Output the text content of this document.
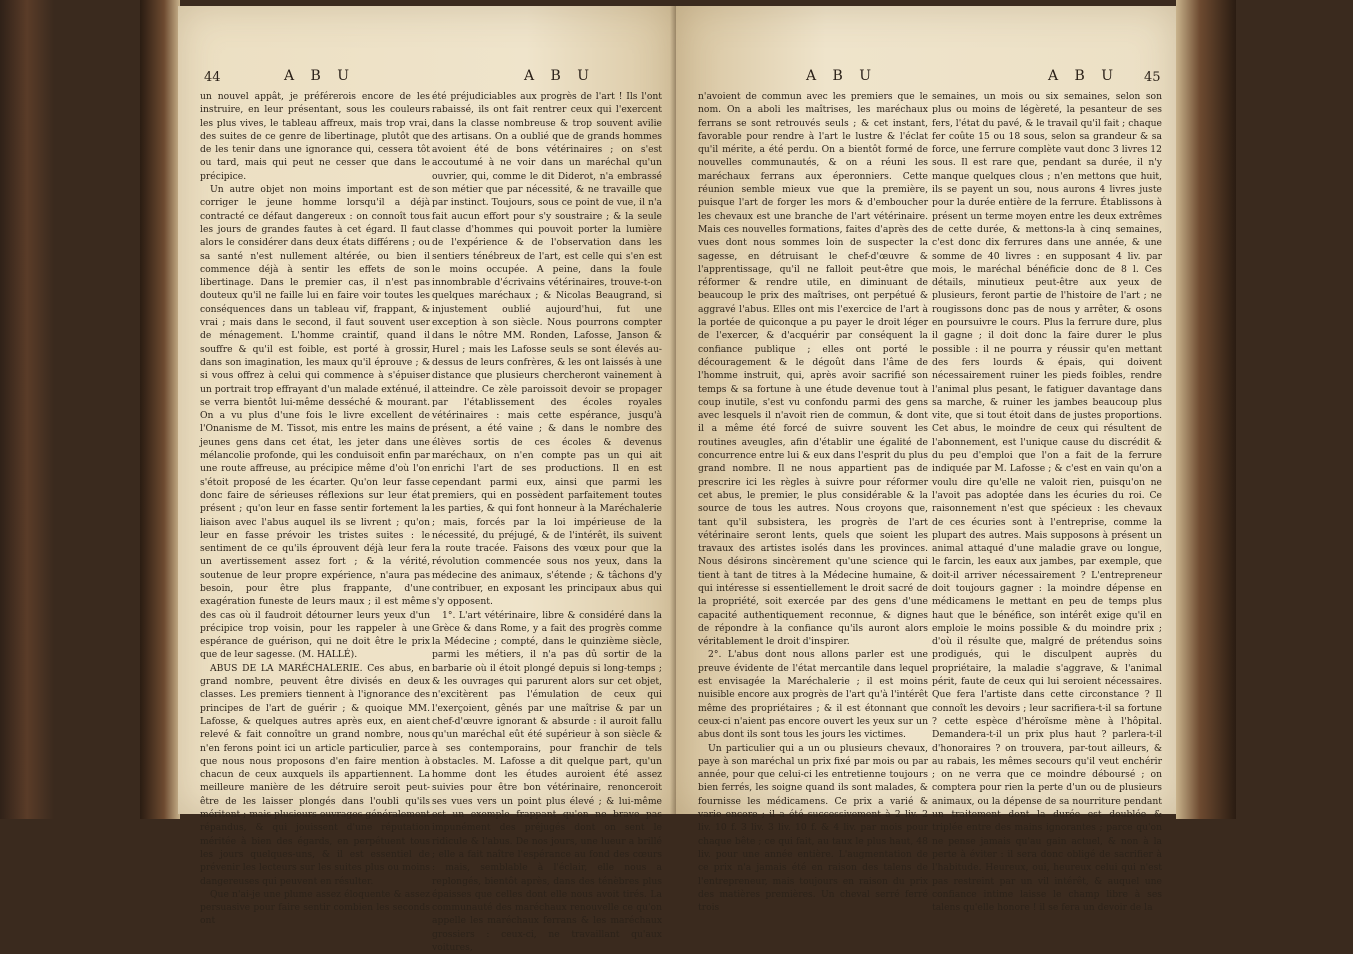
44	A B U	A B U

un nouvel appât, je préférerois encore de les instruire, en leur présentant, sous les couleurs les plus vives, le tableau affreux, mais trop vrai, des suites de ce genre de libertinage, plutôt que de les tenir dans une ignorance qui, cessera tôt ou tard, mais qui peut ne cesser que dans le précipice.

Un autre objet non moins important est de corriger le jeune homme lorsqu'il a déjà contracté ce défaut dangereux : on connoît tous les jours de grandes fautes à cet égard. Il faut alors le considérer dans deux états différens ; ou sa santé n'est nullement altérée, ou bien il commence déjà à sentir les effets de son libertinage. Dans le premier cas, il n'est pas douteux qu'il ne faille lui en faire voir toutes les conséquences dans un tableau vif, frappant, & vrai ; mais dans le second, il faut souvent user de ménagement. L'homme craintif, quand il souffre & qu'il est foible, est porté à grossir, dans son imagination, les maux qu'il éprouve ; & si vous offrez à celui qui commence à s'épuiser un portrait trop effrayant d'un malade exténué, il se verra bientôt lui-même desséché & mourant. On a vu plus d'une fois le livre excellent de l'Onanisme de M. Tissot, mis entre les mains de jeunes gens dans cet état, les jeter dans une mélancolie profonde, qui les conduisoit enfin par une route affreuse, au précipice même d'où l'on s'étoit proposé de les écarter. Qu'on leur fasse donc faire de sérieuses réflexions sur leur état présent ; qu'on leur en fasse sentir fortement la liaison avec l'abus auquel ils se livrent ; qu'on leur en fasse prévoir les tristes suites : le sentiment de ce qu'ils éprouvent déjà leur fera un avertissement assez fort ; & la vérité, soutenue de leur propre expérience, n'aura pas besoin, pour être plus frappante, d'une exagération funeste de leurs maux ; il est même des cas où il faudroit détourner leurs yeux d'un précipice trop voisin, pour les rappeler à une espérance de guérison, qui ne doit être le prix que de leur sagesse. (M. HALLÉ).

ABUS DE LA MARÉCHALERIE. Ces abus, en grand nombre, peuvent être divisés en deux classes. Les premiers tiennent à l'ignorance des principes de l'art de guérir ; & quoique MM. Lafosse, & quelques autres après eux, en aient relevé & fait connoître un grand nombre, nous n'en ferons point ici un article particulier, parce que nous nous proposons d'en faire mention à chacun de ceux auxquels ils appartiennent. La meilleure manière de les détruire seroit peut-être de les laisser plongés dans l'oubli qu'ils méritent ; mais plusieurs ouvrages généralement répandus, & qui jouissent d'une réputation méritée à bien des égards, en perpétuent tous les jours quelques-uns, & il est essentiel de prévenir les lecteurs sur les suites plus ou moins dangereuses qui peuvent en résulter.

Que n'ai-je une plume assez éloquente & assez persuasive pour faire sentir combien les seconds ont

été préjudiciables aux progrès de l'art ! Ils l'ont rabaissé, ils ont fait rentrer ceux qui l'exercent dans la classe nombreuse & trop souvent avilie des artisans. On a oublié que de grands hommes avoient été de bons vétérinaires ; on s'est accoutumé à ne voir dans un maréchal qu'un ouvrier, qui, comme le dit Diderot, n'a embrassé son métier que par nécessité, & ne travaille que par instinct. Toujours, sous ce point de vue, il n'a fait aucun effort pour s'y soustraire ; & la seule classe d'hommes qui pouvoit porter la lumière de l'expérience & de l'observation dans les sentiers ténébreux de l'art, est celle qui s'en est le moins occupée. A peine, dans la foule innombrable d'écrivains vétérinaires, trouve-t-on quelques maréchaux ; & Nicolas Beaugrand, si injustement oublié aujourd'hui, fut une exception à son siècle. Nous pourrons compter dans le nôtre MM. Ronden, Lafosse, Janson & Hurel ; mais les Lafosse seuls se sont élevés au-dessus de leurs confrères, & les ont laissés à une distance que plusieurs chercheront vainement à atteindre. Ce zèle paroissoit devoir se propager par l'établissement des écoles royales vétérinaires : mais cette espérance, jusqu'à présent, a été vaine ; & dans le nombre des élèves sortis de ces écoles & devenus maréchaux, on n'en compte pas un qui ait enrichi l'art de ses productions. Il en est cependant parmi eux, ainsi que parmi les premiers, qui en possèdent parfaitement toutes les parties, & qui font honneur à la Maréchalerie ; mais, forcés par la loi impérieuse de la nécessité, du préjugé, & de l'intérêt, ils suivent la route tracée. Faisons des vœux pour que la révolution commencée sous nos yeux, dans la médecine des animaux, s'étende ; & tâchons d'y contribuer, en exposant les principaux abus qui s'y opposent.

1°. L'art vétérinaire, libre & considéré dans la Grèce & dans Rome, y a fait des progrès comme la Médecine ; compté, dans le quinzième siècle, parmi les métiers, il n'a pas dû sortir de la barbarie où il étoit plongé depuis si long-temps ; & les ouvrages qui parurent alors sur cet objet, n'excitèrent pas l'émulation de ceux qui l'exerçoient, gênés par une maîtrise & par un chef-d'œuvre ignorant & absurde : il auroit fallu qu'un maréchal eût été supérieur à son siècle & à ses contemporains, pour franchir de tels obstacles. M. Lafosse a dit quelque part, qu'un homme dont les études auroient été assez suivies pour être bon vétérinaire, renonceroit ses vues vers un point plus élevé ; & lui-même est un exemple frappant qu'on ne brave pas impunément des préjugés dont on sent le ridicule & l'abus. De nos jours, une lueur a brillé ; elle a fait naître l'espérance au fond des cœurs : mais, semblable à l'éclair, elle nous a replongés, bientôt après, dans des ténèbres plus épaisses que celles dont elle nous avoit tirés. La communauté des maréchaux renouvelle ce qu'on appelle les maréchaux ferrans & les maréchaux grossiers : ceux-ci, ne travaillant qu'aux voitures,

A B U	A B U 45

n'avoient de commun avec les premiers que le nom. On a aboli les maîtrises, les maréchaux ferrans se sont retrouvés seuls ; & cet instant, favorable pour rendre à l'art le lustre & l'éclat qu'il mérite, a été perdu. On a bientôt formé de nouvelles communautés, & on a réuni les maréchaux ferrans aux éperonniers. Cette réunion semble mieux vue que la première, puisque l'art de forger les mors & d'emboucher les chevaux est une branche de l'art vétérinaire. Mais ces nouvelles formations, faites d'après des vues dont nous sommes loin de suspecter la sagesse, en détruisant le chef-d'œuvre & l'apprentissage, qu'il ne falloit peut-être que réformer & rendre utile, en diminuant de beaucoup le prix des maîtrises, ont perpétué & aggravé l'abus. Elles ont mis l'exercice de l'art à la portée de quiconque a pu payer le droit léger de l'exercer, & d'acquérir par conséquent la confiance publique ; elles ont porté le découragement & le dégoût dans l'âme de l'homme instruit, qui, après avoir sacrifié son temps & sa fortune à une étude devenue tout à coup inutile, s'est vu confondu parmi des gens avec lesquels il n'avoit rien de commun, & dont il a même été forcé de suivre souvent les routines aveugles, afin d'établir une égalité de concurrence entre lui & eux dans l'esprit du plus grand nombre. Il ne nous appartient pas de prescrire ici les règles à suivre pour réformer cet abus, le premier, le plus considérable & la source de tous les autres. Nous croyons que, tant qu'il subsistera, les progrès de l'art vétérinaire seront lents, quels que soient les travaux des artistes isolés dans les provinces. Nous désirons sincèrement qu'une science qui tient à tant de titres à la Médecine humaine, & qui intéresse si essentiellement le droit sacré de la propriété, soit exercée par des gens d'une capacité authentiquement reconnue, & dignes de répondre à la confiance qu'ils auront alors véritablement le droit d'inspirer.

2°. L'abus dont nous allons parler est une preuve évidente de l'état mercantile dans lequel est envisagée la Maréchalerie ; il est moins nuisible encore aux progrès de l'art qu'à l'intérêt même des propriétaires ; & il est étonnant que ceux-ci n'aient pas encore ouvert les yeux sur un abus dont ils sont tous les jours les victimes.

Un particulier qui a un ou plusieurs chevaux, paye à son maréchal un prix fixé par mois ou par année, pour que celui-ci les entretienne toujours bien ferrés, les soigne quand ils sont malades, & fournisse les médicamens. Ce prix a varié & varie encore ; il a été successivement à 2 liv. 2 liv. 10 f. 3 liv. 3 liv. 10 f. & 4 liv. par mois pour chaque bête ; ce qui fait, au taux le plus haut, 48 liv. pour une année entière. L'augmentation de ce prix n'a jamais été en raison des talens de l'entrepreneur, mais toujours en raison du prix des matières premières. Un cheval serré ferré trois

semaines, un mois ou six semaines, selon son plus ou moins de légèreté, la pesanteur de ses fers, l'état du pavé, & le travail qu'il fait ; chaque fer coûte 15 ou 18 sous, selon sa grandeur & sa force, une ferrure complète vaut donc 3 livres 12 sous. Il est rare que, pendant sa durée, il n'y manque quelques clous ; n'en mettons que huit, ils se payent un sou, nous aurons 4 livres juste pour la durée entière de la ferrure. Établissons à présent un terme moyen entre les deux extrêmes de cette durée, & mettons-la à cinq semaines, c'est donc dix ferrures dans une année, & une somme de 40 livres : en supposant 4 liv. par mois, le maréchal bénéficie donc de 8 l. Ces détails, minutieux peut-être aux yeux de plusieurs, feront partie de l'histoire de l'art ; ne rougissons donc pas de nous y arrêter, & osons en poursuivre le cours. Plus la ferrure dure, plus il gagne ; il doit donc la faire durer le plus possible : il ne pourra y réussir qu'en mettant des fers lourds & épais, qui doivent nécessairement ruiner les pieds foibles, rendre l'animal plus pesant, le fatiguer davantage dans sa marche, & ruiner les jambes beaucoup plus vite, que si tout étoit dans de justes proportions. Cet abus, le moindre de ceux qui résultent de l'abonnement, est l'unique cause du discrédit & du peu d'emploi que l'on a fait de la ferrure indiquée par M. Lafosse ; & c'est en vain qu'on a voulu dire qu'elle ne valoit rien, puisqu'on ne l'avoit pas adoptée dans les écuries du roi. Ce raisonnement n'est que spécieux : les chevaux de ces écuries sont à l'entreprise, comme la plupart des autres. Mais supposons à présent un animal attaqué d'une maladie grave ou longue, le farcin, les eaux aux jambes, par exemple, que doit-il arriver nécessairement ? L'entrepreneur doit toujours gagner : la moindre dépense en médicamens le mettant en peu de temps plus haut que le bénéfice, son intérêt exige qu'il en emploie le moins possible & du moindre prix ; d'où il résulte que, malgré de prétendus soins prodigués, qui le disculpent auprès du propriétaire, la maladie s'aggrave, & l'animal périt, faute de ceux qui lui seroient nécessaires. Que fera l'artiste dans cette circonstance ? Il connoît les devoirs ; leur sacrifiera-t-il sa fortune ? cette espèce d'héroïsme mène à l'hôpital. Demandera-t-il un prix plus haut ? parlera-t-il d'honoraires ? on trouvera, par-tout ailleurs, & au rabais, les mêmes secours qu'il veut enchérir ; on ne verra que ce moindre déboursé ; on comptera pour rien la perte d'un ou de plusieurs animaux, ou la dépense de sa nourriture pendant un traitement dont la durée est doublée & triplée entre des mains ignorantes ; parce qu'on ne pense jamais qu'au gain actuel, & non à la perte à éviter : il sera donc obligé de sacrifier à l'habitude. Heureux, oui, heureux celui qui n'est pas restreint par un vil intérêt, & auquel une confiance intime laisse le champ libre à ses talens qu'elle honore ! il se fera un devoir de la
